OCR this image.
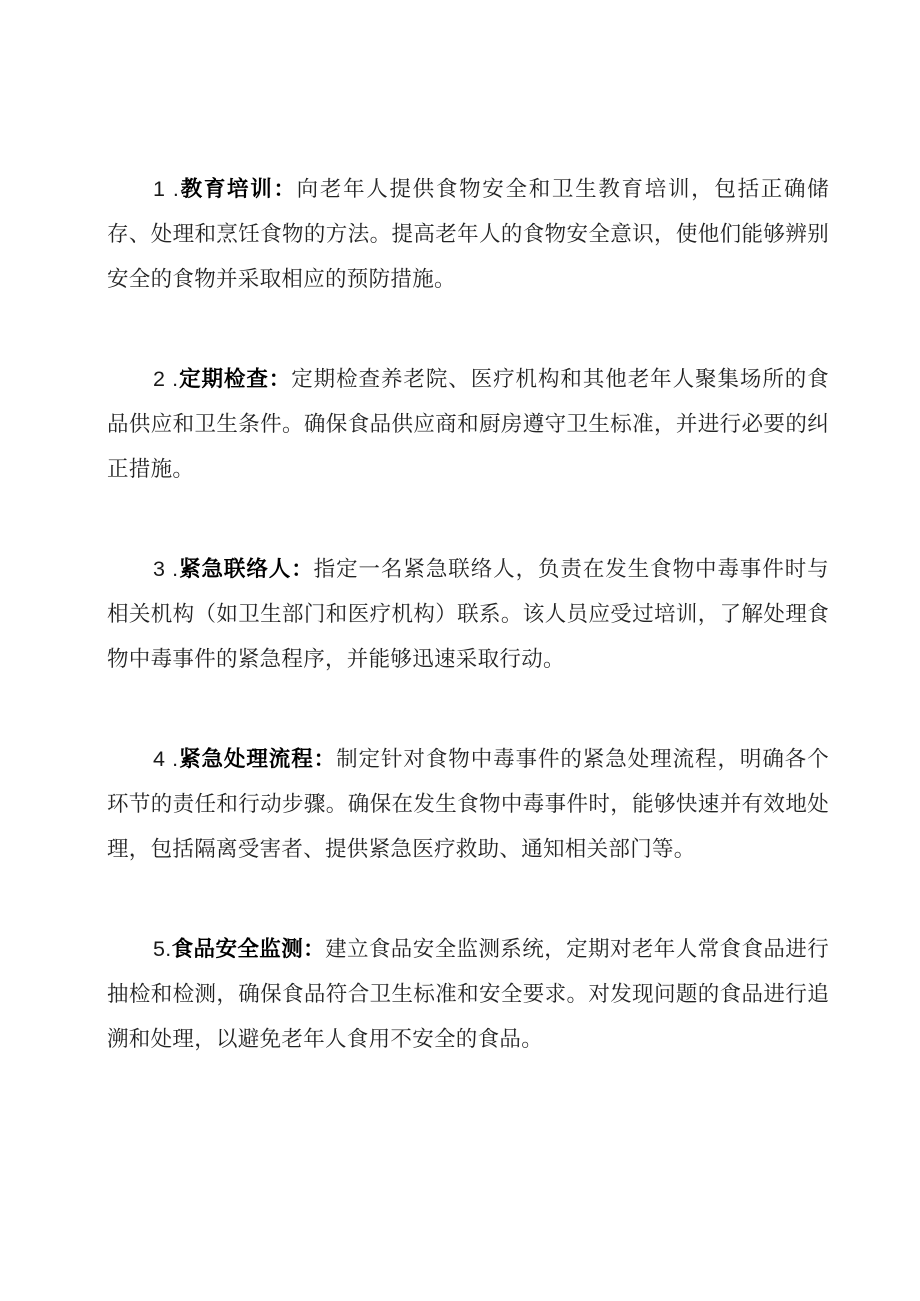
1 .教育培训：向老年人提供食物安全和卫生教育培训，包括正确储存、处理和烹饪食物的方法。提高老年人的食物安全意识，使他们能够辨别安全的食物并采取相应的预防措施。

2 .定期检查：定期检查养老院、医疗机构和其他老年人聚集场所的食品供应和卫生条件。确保食品供应商和厨房遵守卫生标准，并进行必要的纠正措施。

3 .紧急联络人：指定一名紧急联络人，负责在发生食物中毒事件时与相关机构（如卫生部门和医疗机构）联系。该人员应受过培训，了解处理食物中毒事件的紧急程序，并能够迅速采取行动。

4 .紧急处理流程：制定针对食物中毒事件的紧急处理流程，明确各个环节的责任和行动步骤。确保在发生食物中毒事件时，能够快速并有效地处理，包括隔离受害者、提供紧急医疗救助、通知相关部门等。

5.食品安全监测：建立食品安全监测系统，定期对老年人常食食品进行抽检和检测，确保食品符合卫生标准和安全要求。对发现问题的食品进行追溯和处理，以避免老年人食用不安全的食品。
